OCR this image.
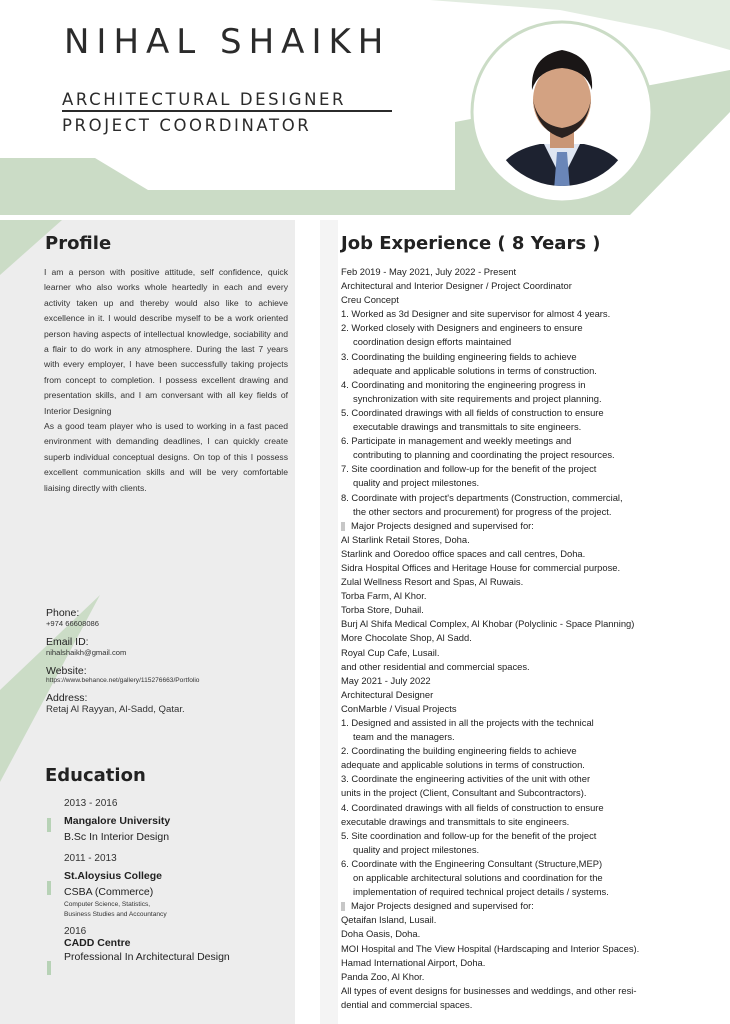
NIHAL SHAIKH
ARCHITECTURAL DESIGNER
PROJECT COORDINATOR
Profile
I am a person with positive attitude, self confidence, quick learner who also works whole heartedly in each and every activity taken up and thereby would also like to achieve excellence in it. I would describe myself to be a work oriented person having aspects of intellectual knowledge, sociability and a flair to do work in any atmosphere. During the last 7 years with every employer, I have been successfully taking projects from concept to completion. I possess excellent drawing and presentation skills, and I am conversant with all key fields of Interior Designing
As a good team player who is used to working in a fast paced environment with demanding deadlines, I can quickly create superb individual conceptual designs. On top of this I possess excellent communication skills and will be very comfortable liaising directly with clients.
Phone:
+974 66608086
Email ID:
nihalshaikh@gmail.com
Website:
https://www.behance.net/gallery/115276663/Portfolio
Address:
Retaj Al Rayyan, Al-Sadd, Qatar.
Education
2013 - 2016
Mangalore University
B.Sc In Interior Design
2011 - 2013
St.Aloysius College
CSBA (Commerce)
Computer Science, Statistics,
Business Studies and Accountancy
2016
CADD Centre
Professional In Architectural Design
Job Experience ( 8 Years )
Feb 2019 - May 2021, July 2022 - Present
Architectural and Interior Designer / Project Coordinator
Creu Concept
1. Worked as 3d Designer and site supervisor for almost 4 years.
2. Worked closely with Designers and engineers to ensure
coordination design efforts maintained
3. Coordinating the building engineering fields to achieve
adequate and applicable solutions in terms of construction.
4. Coordinating and monitoring the engineering progress in
synchronization with site requirements and project planning.
5. Coordinated drawings with all fields of construction to ensure
executable drawings and transmittals to site engineers.
6. Participate in management and weekly meetings and
contributing to planning and coordinating the project resources.
7. Site coordination and follow-up for the benefit of the project
quality and project milestones.
8. Coordinate with project's departments (Construction, commercial,
the other sectors and procurement) for progress of the project.
Major Projects designed and supervised for:
Al Starlink Retail Stores, Doha.
Starlink and Ooredoo office spaces and call centres, Doha.
Sidra Hospital Offices and Heritage House for commercial purpose.
Zulal Wellness Resort and Spas, Al Ruwais.
Torba Farm, Al Khor.
Torba Store, Duhail.
Burj Al Shifa Medical Complex, Al Khobar (Polyclinic - Space Planning)
More Chocolate Shop, Al Sadd.
Royal Cup Cafe, Lusail.
and other residential and commercial spaces.
May 2021 - July 2022
Architectural Designer
ConMarble / Visual Projects
1. Designed and assisted in all the projects with the technical
team and the managers.
2. Coordinating the building engineering fields to achieve
adequate and applicable solutions in terms of construction.
3. Coordinate the engineering activities of the unit with other
units in the project (Client, Consultant and Subcontractors).
4. Coordinated drawings with all fields of construction to ensure
executable drawings and transmittals to site engineers.
5. Site coordination and follow-up for the benefit of the project
quality and project milestones.
6. Coordinate with the Engineering Consultant (Structure,MEP)
on applicable architectural solutions and coordination for the
implementation of required technical project details / systems.
Major Projects designed and supervised for:
Qetaifan Island, Lusail.
Doha Oasis, Doha.
MOI Hospital and The View Hospital (Hardscaping and Interior Spaces).
Hamad International Airport, Doha.
Panda Zoo, Al Khor.
All types of event designs for businesses and weddings, and other resi-
dential and commercial spaces.
